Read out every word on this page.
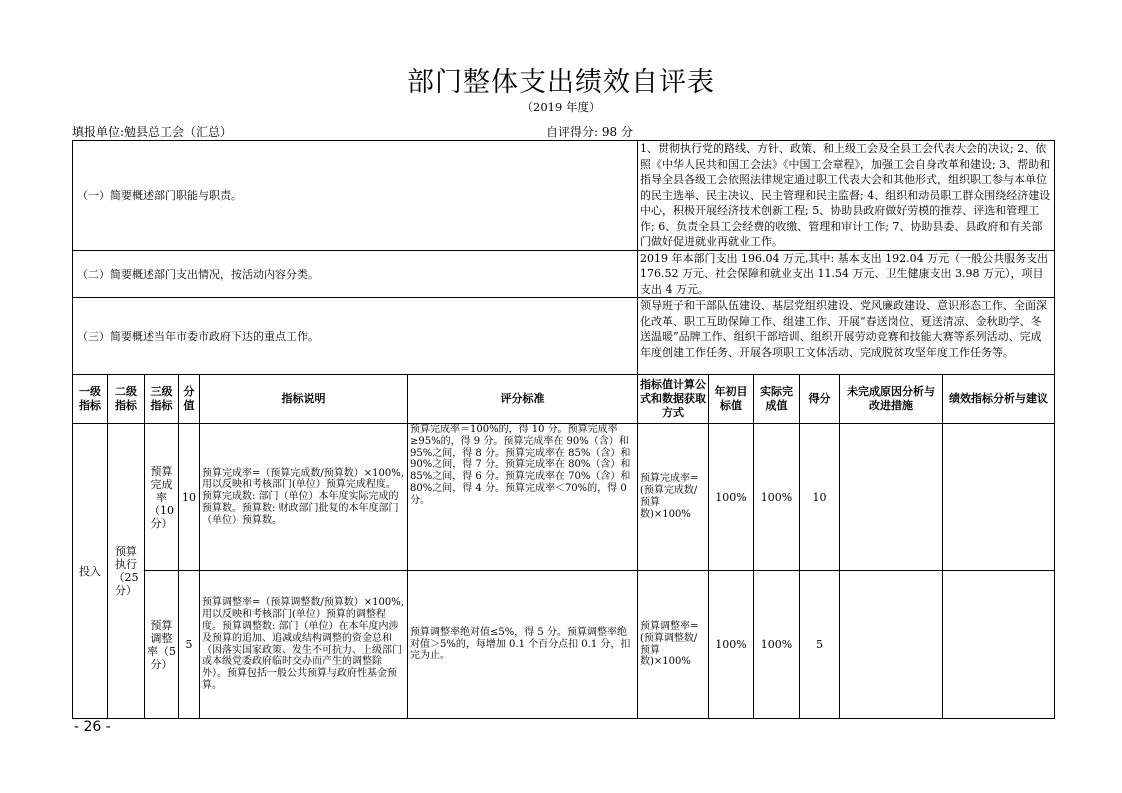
部门整体支出绩效自评表
（2019 年度）
填报单位:勉县总工会（汇总）	自评得分: 98 分
（一）简要概述部门职能与职责。						1、贯彻执行党的路线、方针、政策、和上级工会及全县工会代表大会的决议; 2、依照《中华人民共和国工会法》《中国工会章程》，加强工会自身改革和建设; 3、帮助和指导全县各级工会依照法律规定通过职工代表大会和其他形式，组织职工参与本单位的民主选举、民主决议、民主管理和民主监督; 4、组织和动员职工群众围绕经济建设中心，积极开展经济技术创新工程; 5、协助县政府做好劳模的推荐、评选和管理工作; 6、负责全县工会经费的收缴、管理和审计工作; 7、协助县委、县政府和有关部门做好促进就业再就业工作。					
（二）简要概述部门支出情况，按活动内容分类。						2019 年本部门支出 196.04 万元,其中: 基本支出 192.04 万元（一般公共服务支出 176.52 万元、社会保障和就业支出 11.54 万元、卫生健康支出 3.98 万元），项目支出 4 万元。					
（三）简要概述当年市委市政府下达的重点工作。						领导班子和干部队伍建设、基层党组织建设、党风廉政建设、意识形态工作、全面深化改革、职工互助保障工作、组建工作、开展“春送岗位、夏送清凉、金秋助学、冬送温暖”品牌工作、组织干部培训、组织开展劳动竞赛和技能大赛等系列活动、完成年度创建工作任务、开展各项职工文体活动、完成脱贫攻坚年度工作任务等。					
一级指标	二级指标	三级指标	分值	指标说明	评分标准	指标值计算公式和数据获取方式	年初目标值	实际完成值	得分	未完成原因分析与改进措施	绩效指标分析与建议
投入	预算执行（25分）	预算完成率（10分）	10	预算完成率=（预算完成数/预算数）×100%,用以反映和考核部门(单位）预算完成程度。预算完成数: 部门（单位）本年度实际完成的预算数。预算数: 财政部门批复的本年度部门（单位）预算数。	预算完成率＝100%的，得 10 分。预算完成率≥95%的，得 9 分。预算完成率在 90%（含）和 95%之间，得 8 分。预算完成率在 85%（含）和 90%之间，得 7 分。预算完成率在 80%（含）和 85%之间，得 6 分。预算完成率在 70%（含）和 80%之间，得 4 分。预算完成率＜70%的，得 0 分。	预算完成率=(预算完成数/预算数)×100%	100%	100%	10		
		预算调整率（5分）	5	预算调整率=（预算调整数/预算数）×100%,用以反映和考核部门(单位）预算的调整程度。预算调整数: 部门（单位）在本年度内涉及预算的追加、追减或结构调整的资金总和（因落实国家政策、发生不可抗力、上级部门或本级党委政府临时交办而产生的调整除外）。预算包括一般公共预算与政府性基金预算。	预算调整率绝对值≤5%，得 5 分。预算调整率绝对值＞5%的，每增加 0.1 个百分点扣 0.1 分，扣完为止。	预算调整率=(预算调整数/预算数)×100%	100%	100%	5		
- 26 -
